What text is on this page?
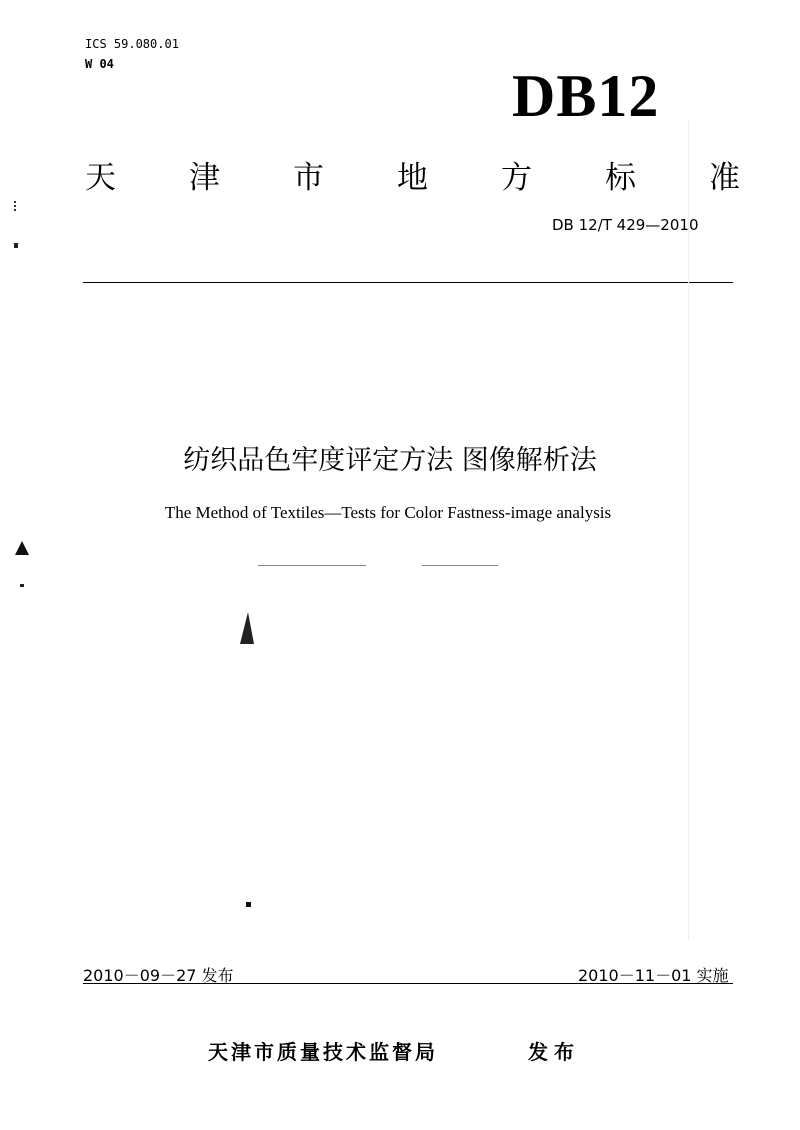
ICS 59.080.01
W 04	DB12
天 津 市 地 方 标 准
DB 12/T 429—2010
纺织品色牢度评定方法 图像解析法
The Method of Textiles—Tests for Color Fastness-image analysis
2010－09－27 发布	2010－11－01 实施
天津市质量技术监督局	发布
